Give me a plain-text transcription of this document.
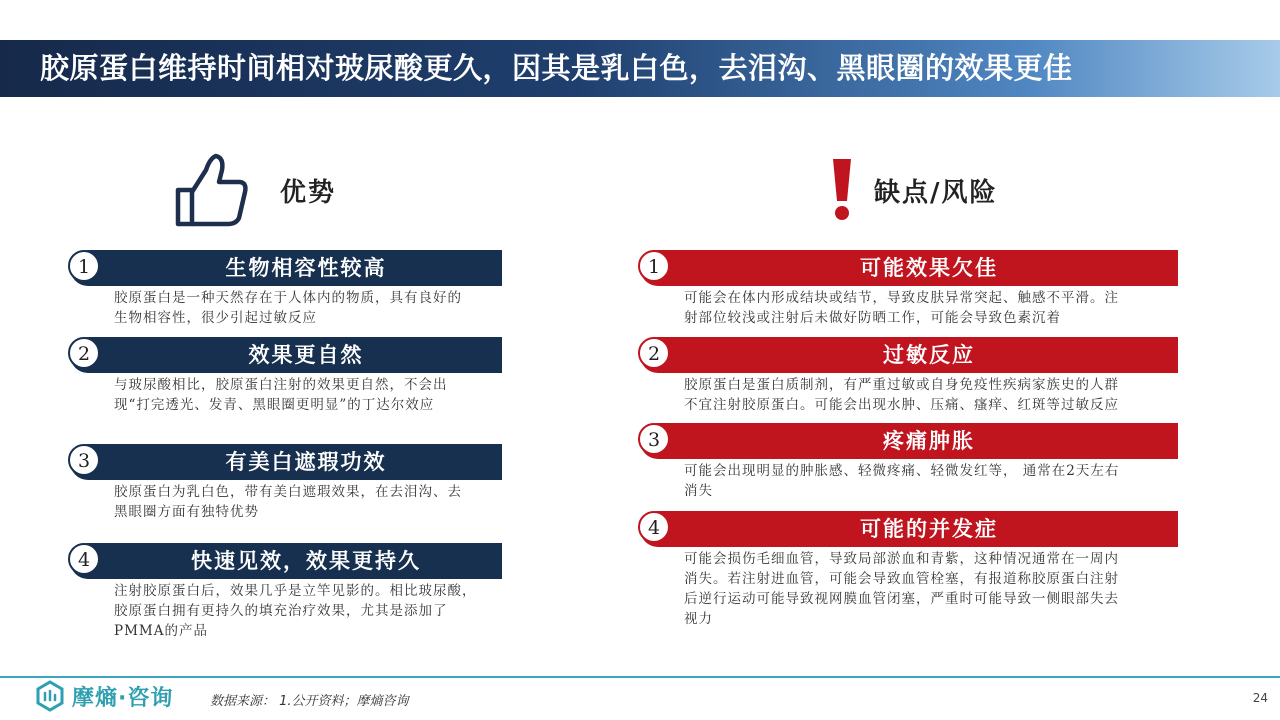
胶原蛋白维持时间相对玻尿酸更久，因其是乳白色，去泪沟、黑眼圈的效果更佳
优势	缺点/风险
1	生物相容性较高
胶原蛋白是一种天然存在于人体内的物质，具有良好的
生物相容性，很少引起过敏反应
2	效果更自然
与玻尿酸相比，胶原蛋白注射的效果更自然，不会出
现“打完透光、发青、黑眼圈更明显”的丁达尔效应
3	有美白遮瑕功效
胶原蛋白为乳白色，带有美白遮瑕效果，在去泪沟、去
黑眼圈方面有独特优势
4	快速见效，效果更持久
注射胶原蛋白后，效果几乎是立竿见影的。相比玻尿酸，
胶原蛋白拥有更持久的填充治疗效果，尤其是添加了
PMMA的产品
1	可能效果欠佳
可能会在体内形成结块或结节，导致皮肤异常突起、触感不平滑。注
射部位较浅或注射后未做好防晒工作，可能会导致色素沉着
2	过敏反应
胶原蛋白是蛋白质制剂，有严重过敏或自身免疫性疾病家族史的人群
不宜注射胶原蛋白。可能会出现水肿、压痛、瘙痒、红斑等过敏反应
3	疼痛肿胀
可能会出现明显的肿胀感、轻微疼痛、轻微发红等， 通常在2天左右
消失
4	可能的并发症
可能会损伤毛细血管，导致局部淤血和青紫，这种情况通常在一周内
消失。若注射进血管，可能会导致血管栓塞，有报道称胶原蛋白注射
后逆行运动可能导致视网膜血管闭塞，严重时可能导致一侧眼部失去
视力
摩熵·咨询	数据来源： 1.公开资料；摩熵咨询	24
